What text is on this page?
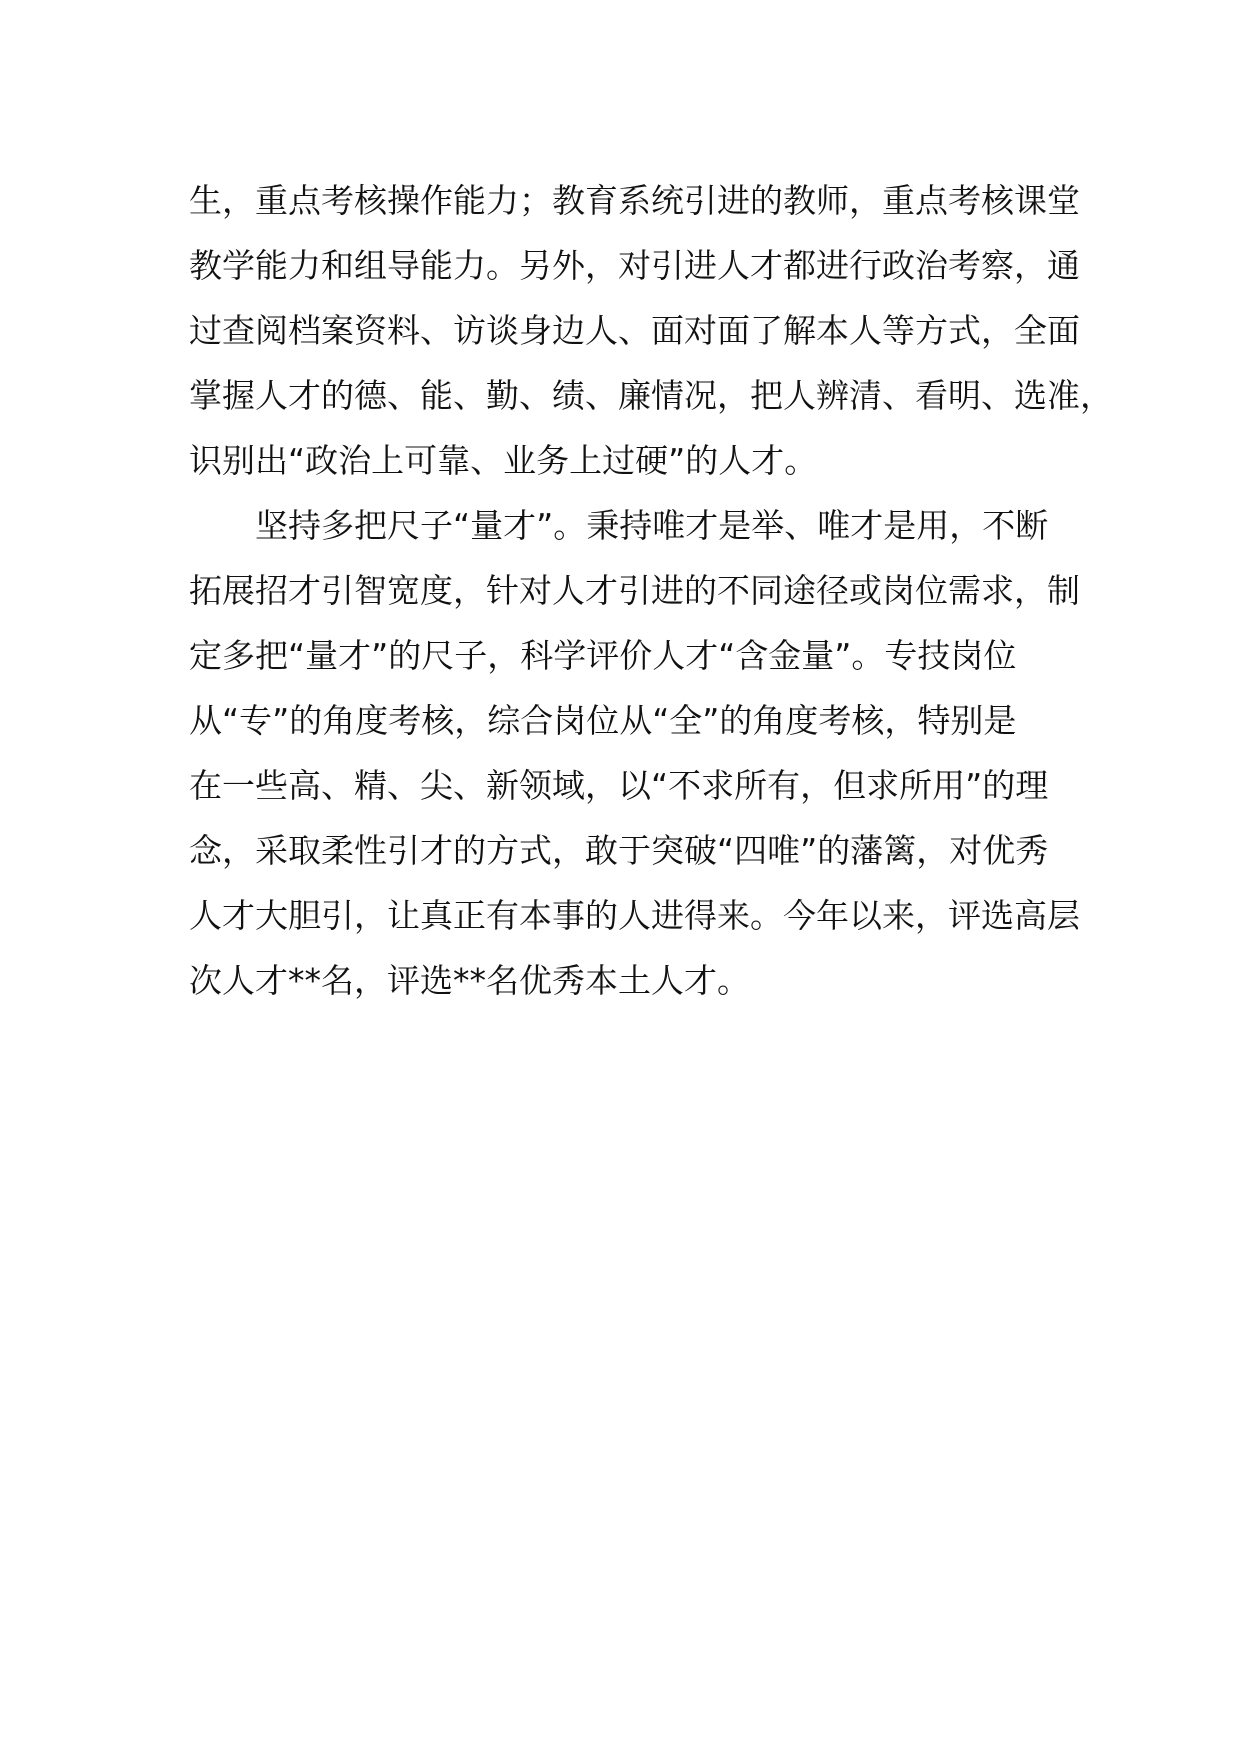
生，重点考核操作能力；教育系统引进的教师，重点考核课堂
教学能力和组导能力。另外，对引进人才都进行政治考察，通
过查阅档案资料、访谈身边人、面对面了解本人等方式，全面
掌握人才的德、能、勤、绩、廉情况，把人辨清、看明、选准，
识别出“政治上可靠、业务上过硬”的人才。
坚持多把尺子“量才”。秉持唯才是举、唯才是用，不断
拓展招才引智宽度，针对人才引进的不同途径或岗位需求，制
定多把“量才”的尺子，科学评价人才“含金量”。专技岗位
从“专”的角度考核，综合岗位从“全”的角度考核，特别是
在一些高、精、尖、新领域，以“不求所有，但求所用”的理
念，采取柔性引才的方式，敢于突破“四唯”的藩篱，对优秀
人才大胆引，让真正有本事的人进得来。今年以来，评选高层
次人才**名，评选**名优秀本土人才。
